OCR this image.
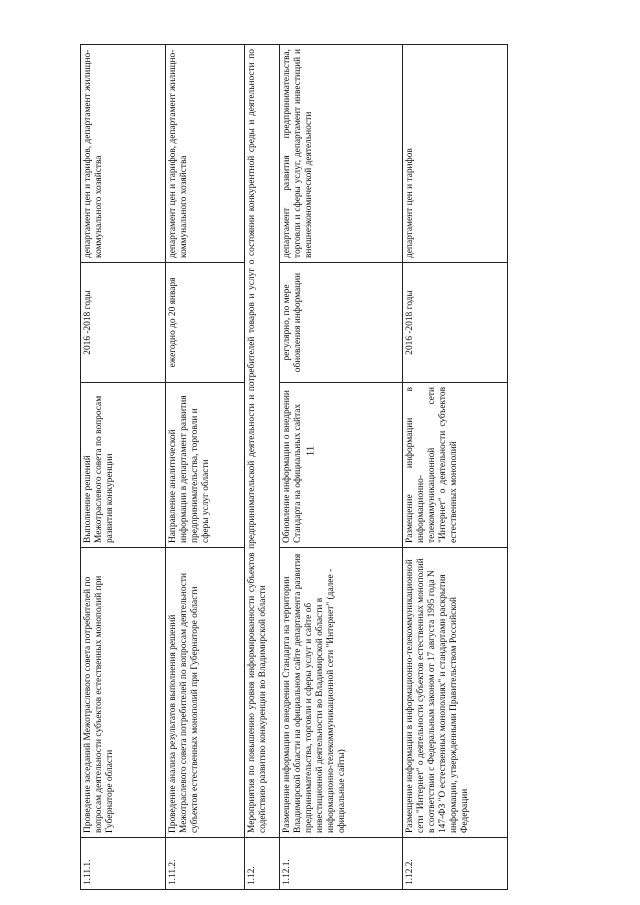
11
1.11.1.	Проведение заседаний Межотраслевого совета потребителей по вопросам деятельности субъектов естественных монополий при Губернаторе области	Выполнение решений Межотраслевого совета по вопросам развития конкуренции	2016 -2018 годы	департамент цен и тарифов, департамент жилищно-коммунального хозяйства
1.11.2.	Проведение анализа результатов выполнения решений Межотраслевого совета потребителей по вопросам деятельности субъектов естественных монополий при Губернаторе области	Направление аналитической информации в департамент развития предпринимательства, торговли и сферы услуг области	ежегодно до 20 января	департамент цен и тарифов, департамент жилищно-коммунального хозяйства
1.12.	Мероприятия по повышению уровня информированности субъектов предпринимательской деятельности и потребителей товаров и услуг о состоянии конкурентной среды и деятельности по содействию развитию конкуренции во Владимирской области			
1.12.1.	Размещение информации о внедрении Стандарта на территории Владимирской области на официальном сайте департамента развития предпринимательства, торговли и сферы услуг и сайте об инвестиционной деятельности во Владимирской области в информационно-телекоммуникационной сети "Интернет" (далее - официальные сайты)	Обновление информации о внедрении Стандарта на официальных сайтах	регулярно, по мере обновления информации	департамент развития предпринимательства, торговли и сферы услуг, департамент инвестиций и внешнеэкономической деятельности
1.12.2.	Размещение информации в информационно-телекоммуникационной сети "Интернет" о деятельности субъектов естественных монополий в соответствии с Федеральным законом от 17 августа 1995 года N 147-ФЗ "О естественных монополиях" и стандартами раскрытия информации, утвержденными Правительством Российской Федерации	Размещение информации в информационно-телекоммуникационной сети "Интернет" о деятельности субъектов естественных монополий	2016 -2018 годы	департамент цен и тарифов
